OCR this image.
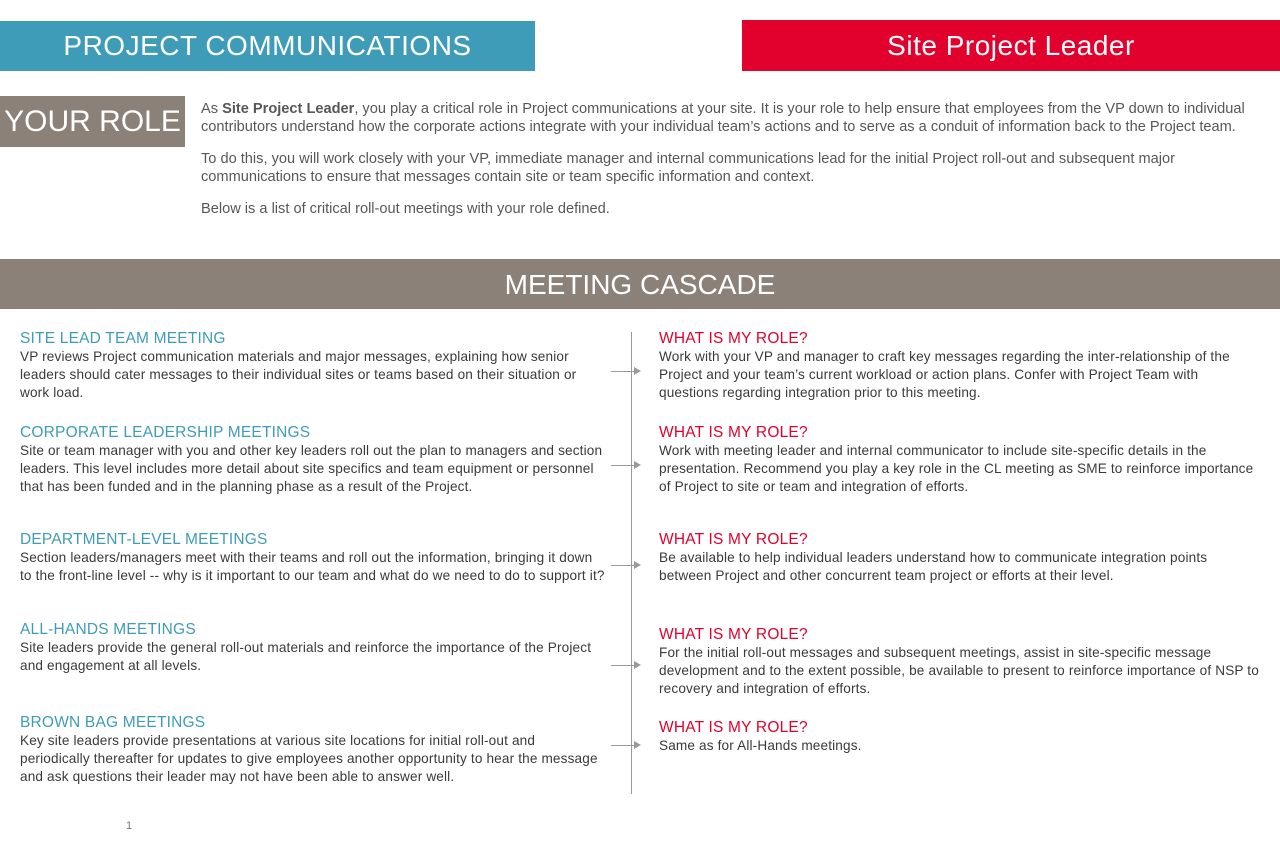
PROJECT COMMUNICATIONS	Site Project Leader
YOUR ROLE As Site Project Leader, you play a critical role in Project communications at your site. It is your role to help ensure that employees from the VP down to individual contributors understand how the corporate actions integrate with your individual team’s actions and to serve as a conduit of information back to the Project team.

To do this, you will work closely with your VP, immediate manager and internal communications lead for the initial Project roll-out and subsequent major communications to ensure that messages contain site or team specific information and context.

Below is a list of critical roll-out meetings with your role defined.

MEETING CASCADE
SITE LEAD TEAM MEETING
VP reviews Project communication materials and major messages, explaining how senior leaders should cater messages to their individual sites or teams based on their situation or work load.
WHAT IS MY ROLE?
Work with your VP and manager to craft key messages regarding the inter-relationship of the Project and your team’s current workload or action plans. Confer with Project Team with questions regarding integration prior to this meeting.
CORPORATE LEADERSHIP MEETINGS
Site or team manager with you and other key leaders roll out the plan to managers and section leaders. This level includes more detail about site specifics and team equipment or personnel that has been funded and in the planning phase as a result of the Project.
WHAT IS MY ROLE?
Work with meeting leader and internal communicator to include site-specific details in the presentation. Recommend you play a key role in the CL meeting as SME to reinforce importance of Project to site or team and integration of efforts.
DEPARTMENT-LEVEL MEETINGS
Section leaders/managers meet with their teams and roll out the information, bringing it down to the front-line level -- why is it important to our team and what do we need to do to support it?
WHAT IS MY ROLE?
Be available to help individual leaders understand how to communicate integration points between Project and other concurrent team project or efforts at their level.
ALL-HANDS MEETINGS
Site leaders provide the general roll-out materials and reinforce the importance of the Project and engagement at all levels.
WHAT IS MY ROLE?
For the initial roll-out messages and subsequent meetings, assist in site-specific message development and to the extent possible, be available to present to reinforce importance of NSP to recovery and integration of efforts.
BROWN BAG MEETINGS
Key site leaders provide presentations at various site locations for initial roll-out and periodically thereafter for updates to give employees another opportunity to hear the message and ask questions their leader may not have been able to answer well.
WHAT IS MY ROLE?
Same as for All-Hands meetings.
1
